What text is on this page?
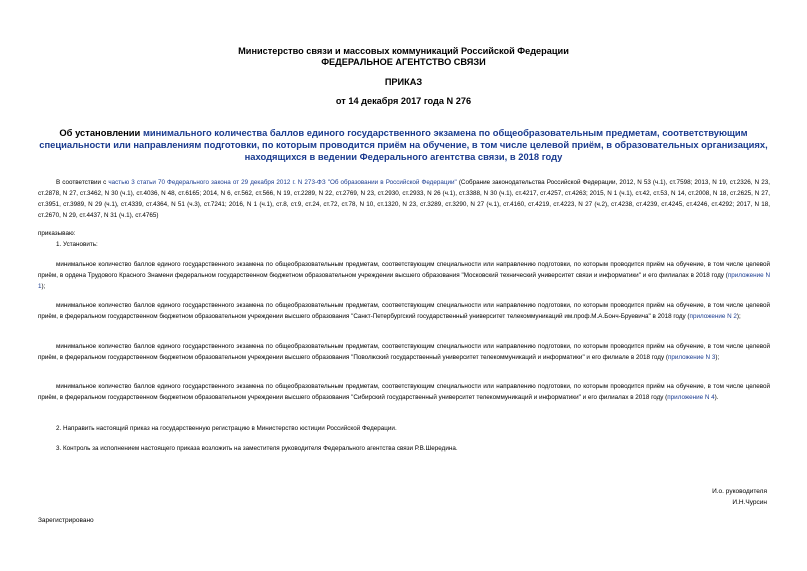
Министерство связи и массовых коммуникаций Российской Федерации
ФЕДЕРАЛЬНОЕ АГЕНТСТВО СВЯЗИ
ПРИКАЗ
от 14 декабря 2017 года N 276
Об установлении минимального количества баллов единого государственного экзамена по общеобразовательным предметам, соответствующим специальности или направлениям подготовки, по которым проводится приём на обучение, в том числе целевой приём, в образовательных организациях, находящихся в ведении Федерального агентства связи, в 2018 году
В соответствии с частью 3 статьи 70 Федерального закона от 29 декабря 2012 г. N 273-ФЗ "Об образовании в Российской Федерации" (Собрание законодательства Российской Федерации, 2012, N 53 (ч.1), ст.7598; 2013, N 19, ст.2326, N 23, ст.2878, N 27, ст.3462, N 30 (ч.1), ст.4036, N 48, ст.6165; 2014, N 6, ст.562, ст.566, N 19, ст.2289, N 22, ст.2769, N 23, ст.2930, ст.2933, N 26 (ч.1), ст.3388, N 30 (ч.1), ст.4217, ст.4257, ст.4263; 2015, N 1 (ч.1), ст.42, ст.53, N 14, ст.2008, N 18, ст.2625, N 27, ст.3951, ст.3989, N 29 (ч.1), ст.4339, ст.4364, N 51 (ч.3), ст.7241; 2016, N 1 (ч.1), ст.8, ст.9, ст.24, ст.72, ст.78, N 10, ст.1320, N 23, ст.3289, ст.3290, N 27 (ч.1), ст.4160, ст.4219, ст.4223, N 27 (ч.2), ст.4238, ст.4239, ст.4245, ст.4246, ст.4292; 2017, N 18, ст.2670, N 29, ст.4437, N 31 (ч.1), ст.4765)
приказываю:
1. Установить:
минимальное количество баллов единого государственного экзамена по общеобразовательным предметам, соответствующим специальности или направлению подготовки, по которым проводится приём на обучение, в том числе целевой приём, в ордена Трудового Красного Знамени федеральном государственном бюджетном образовательном учреждении высшего образования "Московский технический университет связи и информатики" и его филиалах в 2018 году (приложение N 1);
минимальное количество баллов единого государственного экзамена по общеобразовательным предметам, соответствующим специальности или направлению подготовки, по которым проводится приём на обучение, в том числе целевой приём, в федеральном государственном бюджетном образовательном учреждении высшего образования "Санкт-Петербургский государственный университет телекоммуникаций им.проф.М.А.Бонч-Бруевича" в 2018 году (приложение N 2);
минимальное количество баллов единого государственного экзамена по общеобразовательным предметам, соответствующим специальности или направлению подготовки, по которым проводится приём на обучение, в том числе целевой приём, в федеральном государственном бюджетном образовательном учреждении высшего образования "Поволжский государственный университет телекоммуникаций и информатики" и его филиале в 2018 году (приложение N 3);
минимальное количество баллов единого государственного экзамена по общеобразовательным предметам, соответствующим специальности или направлению подготовки, по которым проводится приём на обучение, в том числе целевой приём, в федеральном государственном бюджетном образовательном учреждении высшего образования "Сибирский государственный университет телекоммуникаций и информатики" и его филиалах в 2018 году (приложение N 4).
2. Направить настоящий приказ на государственную регистрацию в Министерство юстиции Российской Федерации.
3. Контроль за исполнением настоящего приказа возложить на заместителя руководителя Федерального агентства связи Р.В.Шередина.
И.о. руководителя
И.Н.Чурсин
Зарегистрировано
